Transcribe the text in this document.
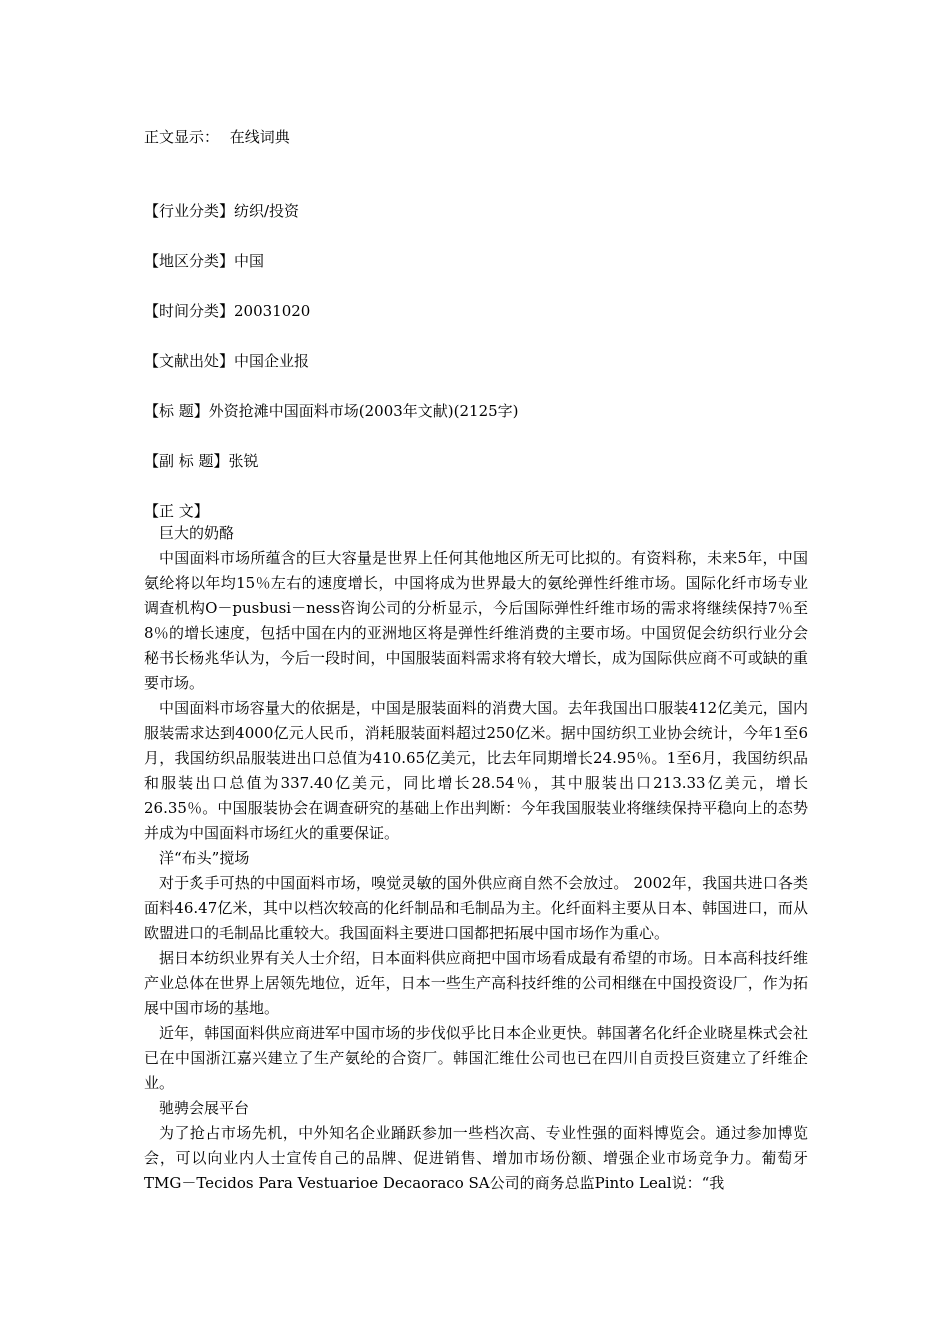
正文显示： 在线词典
【行业分类】纺织/投资
【地区分类】中国
【时间分类】20031020
【文献出处】中国企业报
【标 题】外资抢滩中国面料市场(2003年文献)(2125字)
【副 标 题】张锐
【正 文】

巨大的奶酪

中国面料市场所蕴含的巨大容量是世界上任何其他地区所无可比拟的。有资料称，未来5年，中国氨纶将以年均15％左右的速度增长，中国将成为世界最大的氨纶弹性纤维市场。国际化纤市场专业调查机构O－pusbusi－ness咨询公司的分析显示，今后国际弹性纤维市场的需求将继续保持7％至8％的增长速度，包括中国在内的亚洲地区将是弹性纤维消费的主要市场。中国贸促会纺织行业分会秘书长杨兆华认为，今后一段时间，中国服装面料需求将有较大增长，成为国际供应商不可或缺的重要市场。

中国面料市场容量大的依据是，中国是服装面料的消费大国。去年我国出口服装412亿美元，国内服装需求达到4000亿元人民币，消耗服装面料超过250亿米。据中国纺织工业协会统计，今年1至6月，我国纺织品服装进出口总值为410.65亿美元，比去年同期增长24.95％。1至6月，我国纺织品和服装出口总值为337.40亿美元，同比增长28.54％，其中服装出口213.33亿美元，增长26.35％。中国服装协会在调查研究的基础上作出判断：今年我国服装业将继续保持平稳向上的态势并成为中国面料市场红火的重要保证。

洋“布头”搅场

对于炙手可热的中国面料市场，嗅觉灵敏的国外供应商自然不会放过。 2002年，我国共进口各类面料46.47亿米，其中以档次较高的化纤制品和毛制品为主。化纤面料主要从日本、韩国进口，而从欧盟进口的毛制品比重较大。我国面料主要进口国都把拓展中国市场作为重心。

据日本纺织业界有关人士介绍，日本面料供应商把中国市场看成最有希望的市场。日本高科技纤维产业总体在世界上居领先地位，近年，日本一些生产高科技纤维的公司相继在中国投资设厂，作为拓展中国市场的基地。

近年，韩国面料供应商进军中国市场的步伐似乎比日本企业更快。韩国著名化纤企业晓星株式会社已在中国浙江嘉兴建立了生产氨纶的合资厂。韩国汇维仕公司也已在四川自贡投巨资建立了纤维企业。

驰骋会展平台

为了抢占市场先机，中外知名企业踊跃参加一些档次高、专业性强的面料博览会。通过参加博览会，可以向业内人士宣传自己的品牌、促进销售、增加市场份额、增强企业市场竞争力。葡萄牙TMG－Tecidos Para Vestuarioe Decaoraco SA公司的商务总监Pinto Leal说：“我
